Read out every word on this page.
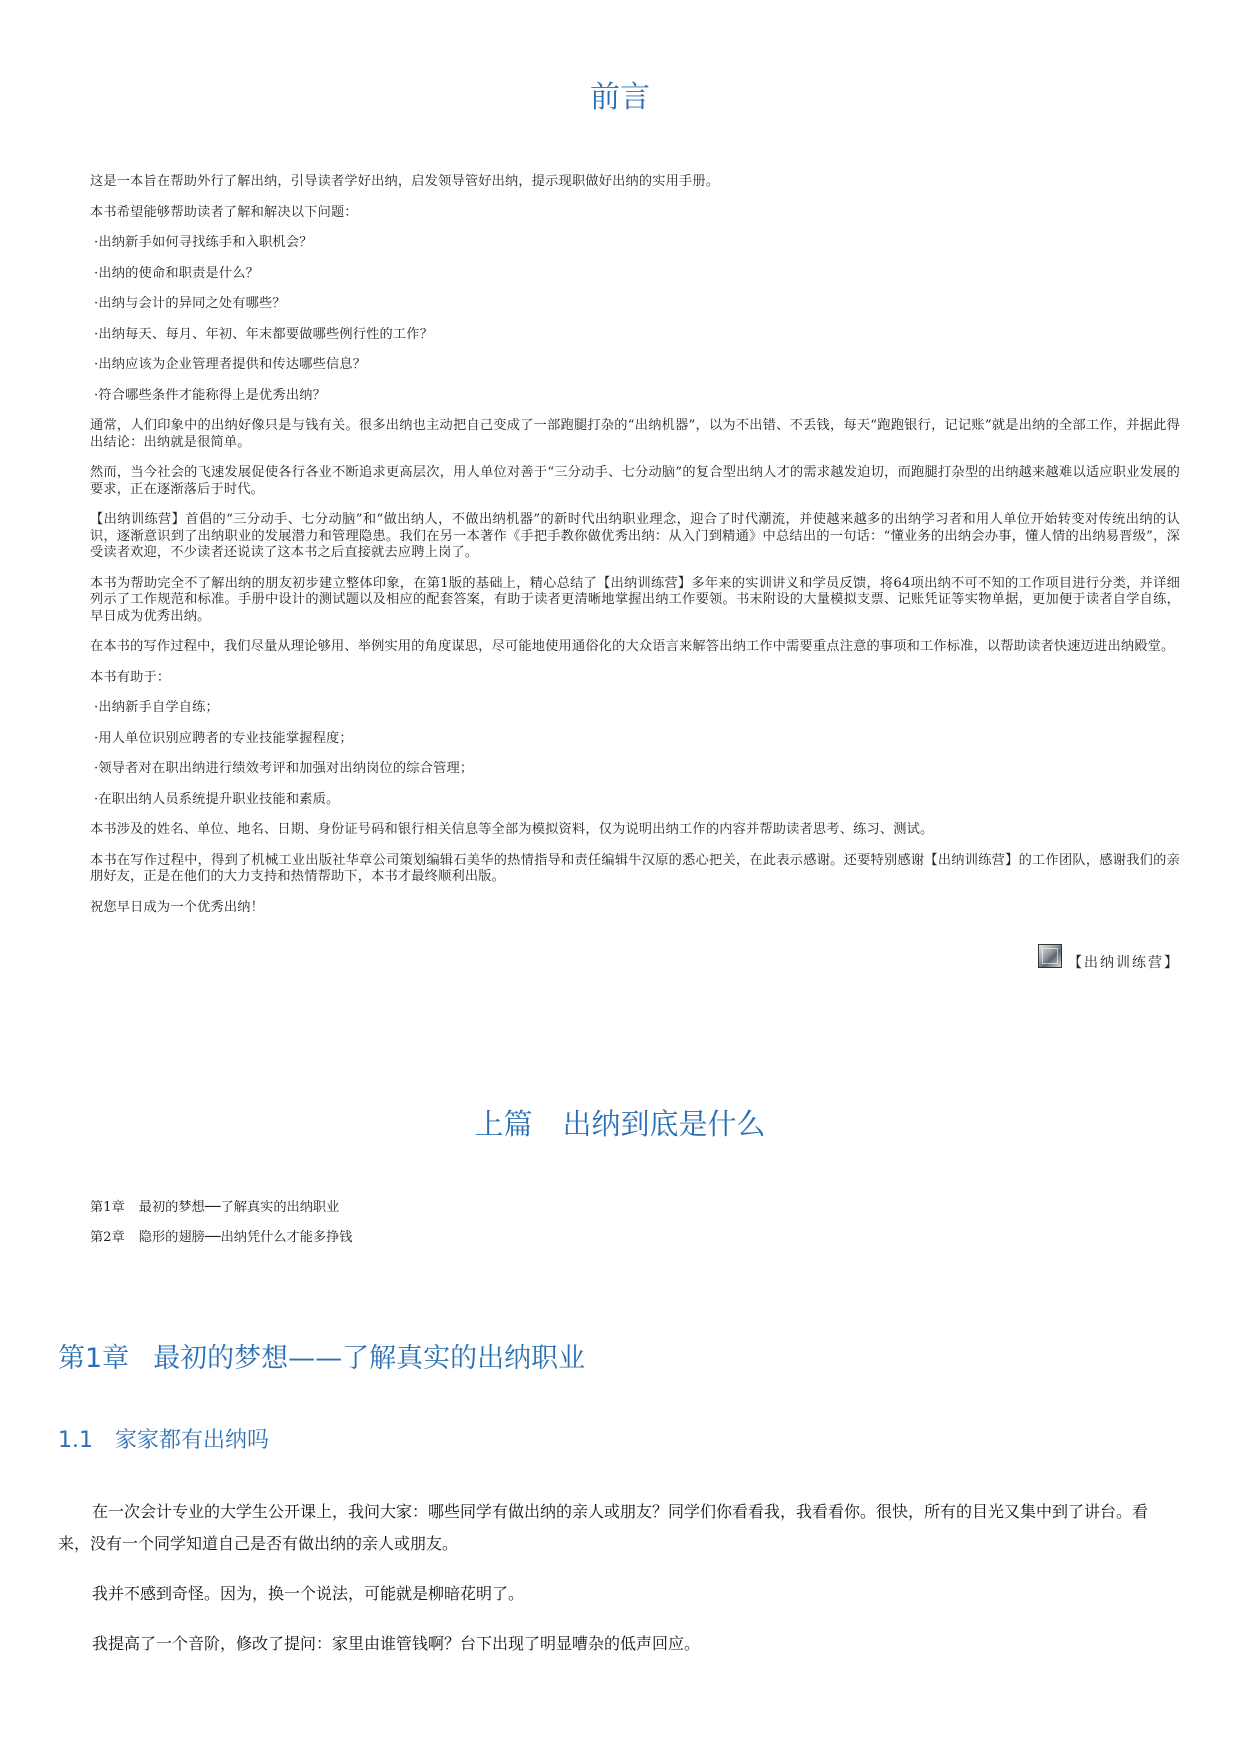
前言

这是一本旨在帮助外行了解出纳，引导读者学好出纳，启发领导管好出纳，提示现职做好出纳的实用手册。

本书希望能够帮助读者了解和解决以下问题：

·出纳新手如何寻找练手和入职机会？

·出纳的使命和职责是什么？

·出纳与会计的异同之处有哪些？

·出纳每天、每月、年初、年末都要做哪些例行性的工作？

·出纳应该为企业管理者提供和传达哪些信息？

·符合哪些条件才能称得上是优秀出纳？

通常，人们印象中的出纳好像只是与钱有关。很多出纳也主动把自己变成了一部跑腿打杂的“出纳机器”，以为不出错、不丢钱，每天“跑跑银行，记记账”就是出纳的全部工作，并据此得出结论：出纳就是很简单。

然而，当今社会的飞速发展促使各行各业不断追求更高层次，用人单位对善于“三分动手、七分动脑”的复合型出纳人才的需求越发迫切，而跑腿打杂型的出纳越来越难以适应职业发展的要求，正在逐渐落后于时代。

【出纳训练营】首倡的“三分动手、七分动脑”和“做出纳人，不做出纳机器”的新时代出纳职业理念，迎合了时代潮流，并使越来越多的出纳学习者和用人单位开始转变对传统出纳的认识，逐渐意识到了出纳职业的发展潜力和管理隐患。我们在另一本著作《手把手教你做优秀出纳：从入门到精通》中总结出的一句话：“懂业务的出纳会办事，懂人情的出纳易晋级”，深受读者欢迎，不少读者还说读了这本书之后直接就去应聘上岗了。

本书为帮助完全不了解出纳的朋友初步建立整体印象，在第1版的基础上，精心总结了【出纳训练营】多年来的实训讲义和学员反馈，将64项出纳不可不知的工作项目进行分类，并详细列示了工作规范和标准。手册中设计的测试题以及相应的配套答案，有助于读者更清晰地掌握出纳工作要领。书末附设的大量模拟支票、记账凭证等实物单据，更加便于读者自学自练，早日成为优秀出纳。

在本书的写作过程中，我们尽量从理论够用、举例实用的角度谋思，尽可能地使用通俗化的大众语言来解答出纳工作中需要重点注意的事项和工作标准，以帮助读者快速迈进出纳殿堂。

本书有助于：

·出纳新手自学自练；

·用人单位识别应聘者的专业技能掌握程度；

·领导者对在职出纳进行绩效考评和加强对出纳岗位的综合管理；

·在职出纳人员系统提升职业技能和素质。

本书涉及的姓名、单位、地名、日期、身份证号码和银行相关信息等全部为模拟资料，仅为说明出纳工作的内容并帮助读者思考、练习、测试。

本书在写作过程中，得到了机械工业出版社华章公司策划编辑石美华的热情指导和责任编辑牛汉原的悉心把关，在此表示感谢。还要特别感谢【出纳训练营】的工作团队，感谢我们的亲朋好友，正是在他们的大力支持和热情帮助下，本书才最终顺利出版。

祝您早日成为一个优秀出纳！

【出纳训练营】
上篇 出纳到底是什么
第1章 最初的梦想──了解真实的出纳职业
第2章 隐形的翅膀──出纳凭什么才能多挣钱
第1章 最初的梦想——了解真实的出纳职业
1.1 家家都有出纳吗

在一次会计专业的大学生公开课上，我问大家：哪些同学有做出纳的亲人或朋友？同学们你看看我，我看看你。很快，所有的目光又集中到了讲台。看来，没有一个同学知道自己是否有做出纳的亲人或朋友。

我并不感到奇怪。因为，换一个说法，可能就是柳暗花明了。

我提高了一个音阶，修改了提问：家里由谁管钱啊？台下出现了明显嘈杂的低声回应。
